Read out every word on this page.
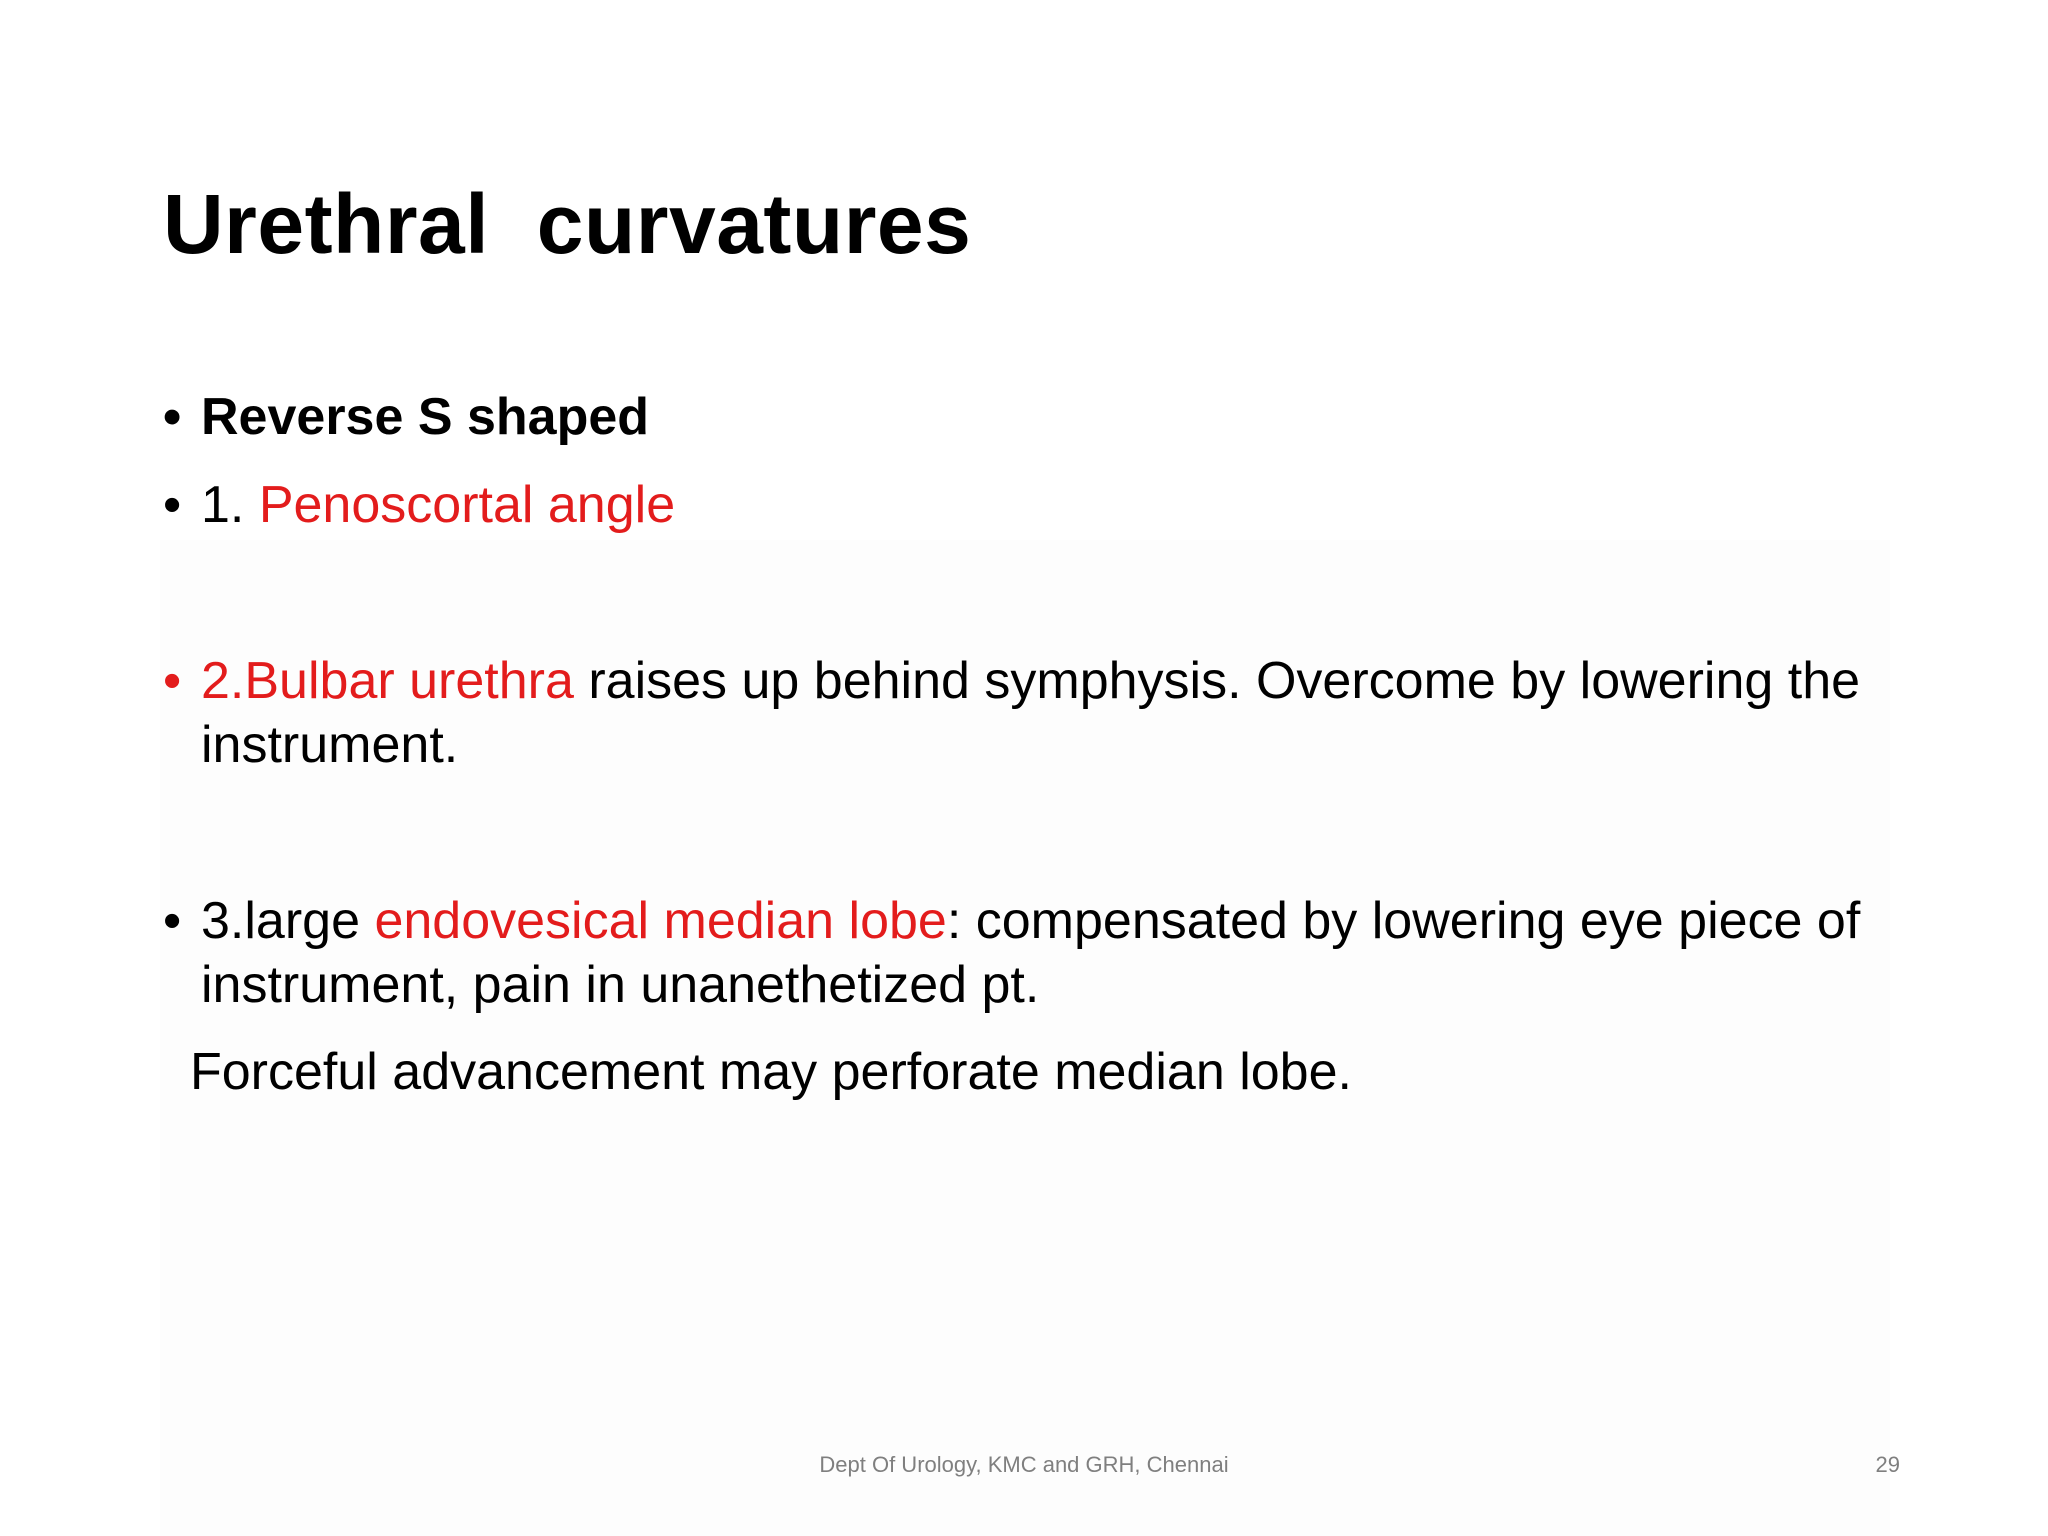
Urethral  curvatures
• Reverse S shaped
• 1. Penoscortal angle
• 2.Bulbar urethra raises up behind symphysis. Overcome by lowering the instrument.
• 3.large endovesical median lobe: compensated by lowering eye piece of instrument, pain in unanethetized pt.

Forceful advancement may perforate median lobe.

Dept Of Urology, KMC and GRH, Chennai	29
